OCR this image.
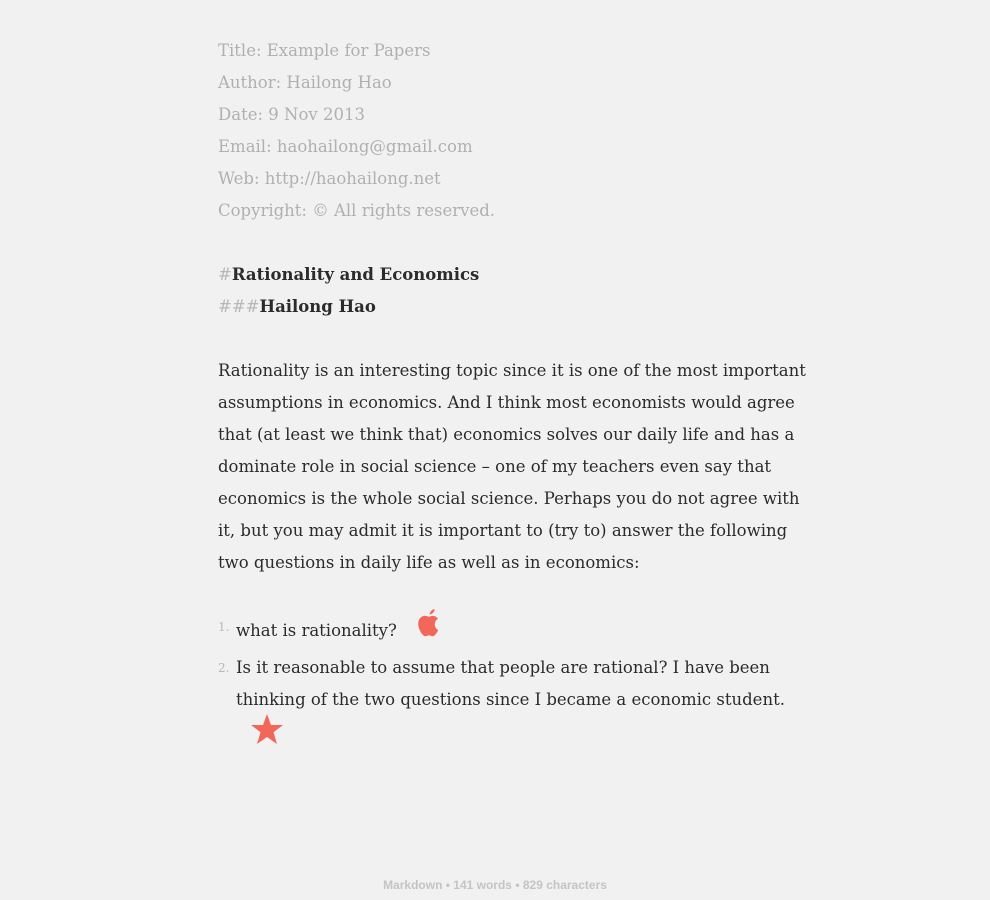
Title: Example for Papers
Author: Hailong Hao
Date: 9 Nov 2013
Email: haohailong@gmail.com
Web: http://haohailong.net
Copyright: © All rights reserved.
#Rationality and Economics
###Hailong Hao

Rationality is an interesting topic since it is one of the most important assumptions in economics. And I think most economists would agree that (at least we think that) economics solves our daily life and has a dominate role in social science – one of my teachers even say that economics is the whole social science. Perhaps you do not agree with it, but you may admit it is important to (try to) answer the following two questions in daily life as well as in economics:

1. what is rationality?
2. Is it reasonable to assume that people are rational? I have been thinking of the two questions since I became a economic student.
Markdown • 141 words • 829 characters
